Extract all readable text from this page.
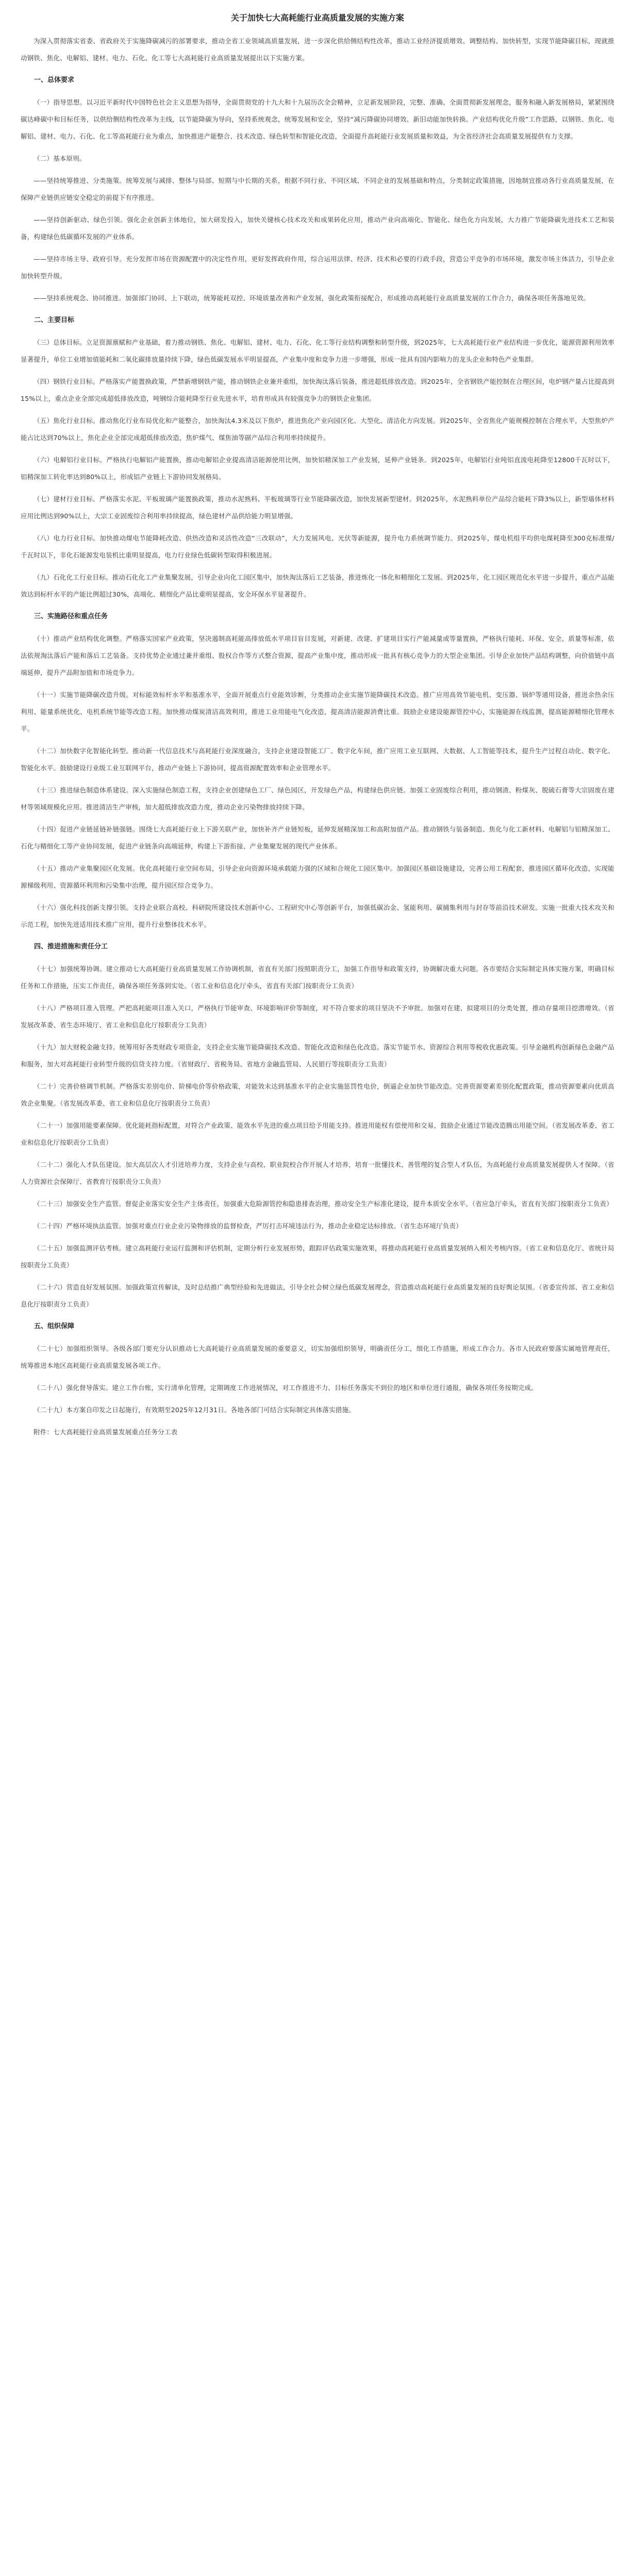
关于加快七大高耗能行业高质量发展的实施方案
为深入贯彻落实省委、省政府关于实施降碳减污的部署要求，推动全省工业领域高质量发展，进一步深化供给侧结构性改革，推动工业经济提质增效、调整结构、加快转型，实现节能降碳目标，现就推动钢铁、焦化、电解铝、建材、电力、石化、化工等七大高耗能行业高质量发展提出以下实施方案。
一、总体要求
（一）指导思想。以习近平新时代中国特色社会主义思想为指导，全面贯彻党的十九大和十九届历次全会精神，立足新发展阶段，完整、准确、全面贯彻新发展理念，服务和融入新发展格局，紧紧围绕碳达峰碳中和目标任务，以供给侧结构性改革为主线，以节能降碳为导向，坚持系统观念，统筹发展和安全，坚持“减污降碳协同增效、新旧动能加快转换、产业结构优化升级”工作思路，以钢铁、焦化、电解铝、建材、电力、石化、化工等高耗能行业为重点，加快推进产能整合、技术改造、绿色转型和智能化改造，全面提升高耗能行业发展质量和效益，为全省经济社会高质量发展提供有力支撑。
（二）基本原则。
——坚持统筹推进、分类施策。统筹发展与减排、整体与局部、短期与中长期的关系，根据不同行业、不同区域、不同企业的发展基础和特点，分类制定政策措施，因地制宜推动各行业高质量发展，在保障产业链供应链安全稳定的前提下有序推进。
——坚持创新驱动、绿色引领。强化企业创新主体地位，加大研发投入，加快关键核心技术攻关和成果转化应用，推动产业向高端化、智能化、绿色化方向发展，大力推广节能降碳先进技术工艺和装备，构建绿色低碳循环发展的产业体系。
——坚持市场主导、政府引导。充分发挥市场在资源配置中的决定性作用，更好发挥政府作用，综合运用法律、经济、技术和必要的行政手段，营造公平竞争的市场环境，激发市场主体活力，引导企业加快转型升级。
——坚持系统观念、协同推进。加强部门协同、上下联动，统筹能耗双控、环境质量改善和产业发展，强化政策衔接配合，形成推动高耗能行业高质量发展的工作合力，确保各项任务落地见效。
二、主要目标
（三）总体目标。立足资源禀赋和产业基础，着力推动钢铁、焦化、电解铝、建材、电力、石化、化工等行业结构调整和转型升级，到2025年，七大高耗能行业产业结构进一步优化，能源资源利用效率显著提升，单位工业增加值能耗和二氧化碳排放量持续下降，绿色低碳发展水平明显提高，产业集中度和竞争力进一步增强，形成一批具有国内影响力的龙头企业和特色产业集群。
（四）钢铁行业目标。严格落实产能置换政策，严禁新增钢铁产能，推动钢铁企业兼并重组，加快淘汰落后装备，推进超低排放改造。到2025年，全省钢铁产能控制在合理区间，电炉钢产量占比提高到15%以上，重点企业全部完成超低排放改造，吨钢综合能耗降至行业先进水平，培育形成具有较强竞争力的钢铁企业集团。
（五）焦化行业目标。推动焦化行业布局优化和产能整合，加快淘汰4.3米及以下焦炉，推进焦化产业向园区化、大型化、清洁化方向发展。到2025年，全省焦化产能规模控制在合理水平，大型焦炉产能占比达到70%以上，焦化企业全部完成超低排放改造，焦炉煤气、煤焦油等副产品综合利用率持续提升。
（六）电解铝行业目标。严格执行电解铝产能置换，推动电解铝企业提高清洁能源使用比例，加快铝精深加工产业发展，延伸产业链条。到2025年，电解铝行业吨铝直流电耗降至12800千瓦时以下，铝精深加工转化率达到80%以上，形成铝产业链上下游协同发展格局。
（七）建材行业目标。严格落实水泥、平板玻璃产能置换政策，推动水泥熟料、平板玻璃等行业节能降碳改造，加快发展新型建材。到2025年，水泥熟料单位产品综合能耗下降3%以上，新型墙体材料应用比例达到90%以上，大宗工业固废综合利用率持续提高，绿色建材产品供给能力明显增强。
（八）电力行业目标。加快推动煤电节能降耗改造、供热改造和灵活性改造“三改联动”，大力发展风电、光伏等新能源，提升电力系统调节能力。到2025年，煤电机组平均供电煤耗降至300克标准煤/千瓦时以下，非化石能源发电装机比重明显提高，电力行业绿色低碳转型取得积极进展。
（九）石化化工行业目标。推动石化化工产业集聚发展，引导企业向化工园区集中，加快淘汰落后工艺装备，推进炼化一体化和精细化工发展。到2025年，化工园区规范化水平进一步提升，重点产品能效达到标杆水平的产能比例超过30%，高端化、精细化产品比重明显提高，安全环保水平显著提升。
三、实施路径和重点任务
（十）推动产业结构优化调整。严格落实国家产业政策，坚决遏制高耗能高排放低水平项目盲目发展，对新建、改建、扩建项目实行产能减量或等量置换，严格执行能耗、环保、安全、质量等标准，依法依规淘汰落后产能和落后工艺装备。支持优势企业通过兼并重组、股权合作等方式整合资源，提高产业集中度，推动形成一批具有核心竞争力的大型企业集团。引导企业加快产品结构调整，向价值链中高端延伸，提升产品附加值和市场竞争力。
（十一）实施节能降碳改造升级。对标能效标杆水平和基准水平，全面开展重点行业能效诊断，分类推动企业实施节能降碳技术改造。推广应用高效节能电机、变压器、锅炉等通用设备，推进余热余压利用、能量系统优化、电机系统节能等改造工程。加快推动煤炭清洁高效利用，推进工业用能电气化改造，提高清洁能源消费比重。鼓励企业建设能源管控中心，实施能源在线监测，提高能源精细化管理水平。
（十二）加快数字化智能化转型。推动新一代信息技术与高耗能行业深度融合，支持企业建设智能工厂、数字化车间，推广应用工业互联网、大数据、人工智能等技术，提升生产过程自动化、数字化、智能化水平。鼓励建设行业级工业互联网平台，推动产业链上下游协同，提高资源配置效率和企业管理水平。
（十三）推进绿色制造体系建设。深入实施绿色制造工程，支持企业创建绿色工厂、绿色园区，开发绿色产品，构建绿色供应链。加强工业固废综合利用，推动钢渣、粉煤灰、脱硫石膏等大宗固废在建材等领域规模化应用。推进清洁生产审核，加大超低排放改造力度，推动企业污染物排放持续下降。
（十四）促进产业链延链补链强链。围绕七大高耗能行业上下游关联产业，加快补齐产业链短板，延伸发展精深加工和高附加值产品。推动钢铁与装备制造、焦化与化工新材料、电解铝与铝精深加工、石化与精细化工等产业协同发展，促进产业链条向高端延伸，构建上下游衔接、产业集聚发展的现代产业体系。
（十五）推动产业集聚园区化发展。优化高耗能行业空间布局，引导企业向资源环境承载能力强的区域和合规化工园区集中。加强园区基础设施建设，完善公用工程配套，推进园区循环化改造，实现能源梯级利用、资源循环利用和污染集中治理，提升园区综合竞争力。
（十六）强化科技创新支撑引领。支持企业联合高校、科研院所建设技术创新中心、工程研究中心等创新平台，加强低碳冶金、氢能利用、碳捕集利用与封存等前沿技术研发。实施一批重大技术攻关和示范工程，加快先进适用技术推广应用，提升行业整体技术水平。
四、推进措施和责任分工
（十七）加强统筹协调。建立推动七大高耗能行业高质量发展工作协调机制，省直有关部门按照职责分工，加强工作指导和政策支持，协调解决重大问题。各市要结合实际制定具体实施方案，明确目标任务和工作措施，压实工作责任，确保各项任务落到实处。（省工业和信息化厅牵头，省直有关部门按职责分工负责）
（十八）严格项目准入管理。严把高耗能项目准入关口，严格执行节能审查、环境影响评价等制度，对不符合要求的项目坚决不予审批。加强对在建、拟建项目的分类处置，推动存量项目挖潜增效。（省发展改革委、省生态环境厅、省工业和信息化厅按职责分工负责）
（十九）加大财税金融支持。统筹用好各类财政专项资金，支持企业实施节能降碳技术改造、智能化改造和绿色化改造。落实节能节水、资源综合利用等税收优惠政策。引导金融机构创新绿色金融产品和服务，加大对高耗能行业转型升级的信贷支持力度。（省财政厅、省税务局、省地方金融监管局、人民银行等按职责分工负责）
（二十）完善价格调节机制。严格落实差别电价、阶梯电价等价格政策，对能效未达到基准水平的企业实施惩罚性电价，倒逼企业加快节能改造。完善资源要素差别化配置政策，推动资源要素向优质高效企业集聚。（省发展改革委、省工业和信息化厅按职责分工负责）
（二十一）加强用能要素保障。优化能耗指标配置，对符合产业政策、能效水平先进的重点项目给予用能支持。推进用能权有偿使用和交易，鼓励企业通过节能改造腾出用能空间。（省发展改革委、省工业和信息化厅按职责分工负责）
（二十二）强化人才队伍建设。加大高层次人才引进培养力度，支持企业与高校、职业院校合作开展人才培养，培育一批懂技术、善管理的复合型人才队伍，为高耗能行业高质量发展提供人才保障。（省人力资源社会保障厅、省教育厅按职责分工负责）
（二十三）加强安全生产监管。督促企业落实安全生产主体责任，加强重大危险源管控和隐患排查治理，推动安全生产标准化建设，提升本质安全水平。（省应急厅牵头，省直有关部门按职责分工负责）
（二十四）严格环境执法监管。加强对重点行业企业污染物排放的监督检查，严厉打击环境违法行为，推动企业稳定达标排放。（省生态环境厅负责）
（二十五）加强监测评估考核。建立高耗能行业运行监测和评估机制，定期分析行业发展形势，跟踪评估政策实施效果，将推动高耗能行业高质量发展纳入相关考核内容。（省工业和信息化厅、省统计局按职责分工负责）
（二十六）营造良好发展氛围。加强政策宣传解读，及时总结推广典型经验和先进做法，引导全社会树立绿色低碳发展理念，营造推动高耗能行业高质量发展的良好舆论氛围。（省委宣传部、省工业和信息化厅按职责分工负责）
五、组织保障
（二十七）加强组织领导。各级各部门要充分认识推动七大高耗能行业高质量发展的重要意义，切实加强组织领导，明确责任分工，细化工作措施，形成工作合力。各市人民政府要落实属地管理责任，统筹推进本地区高耗能行业高质量发展各项工作。
（二十八）强化督导落实。建立工作台账，实行清单化管理，定期调度工作进展情况，对工作推进不力、目标任务落实不到位的地区和单位进行通报，确保各项任务按期完成。
（二十九）本方案自印发之日起施行，有效期至2025年12月31日。各地各部门可结合实际制定具体落实措施。
附件：七大高耗能行业高质量发展重点任务分工表
